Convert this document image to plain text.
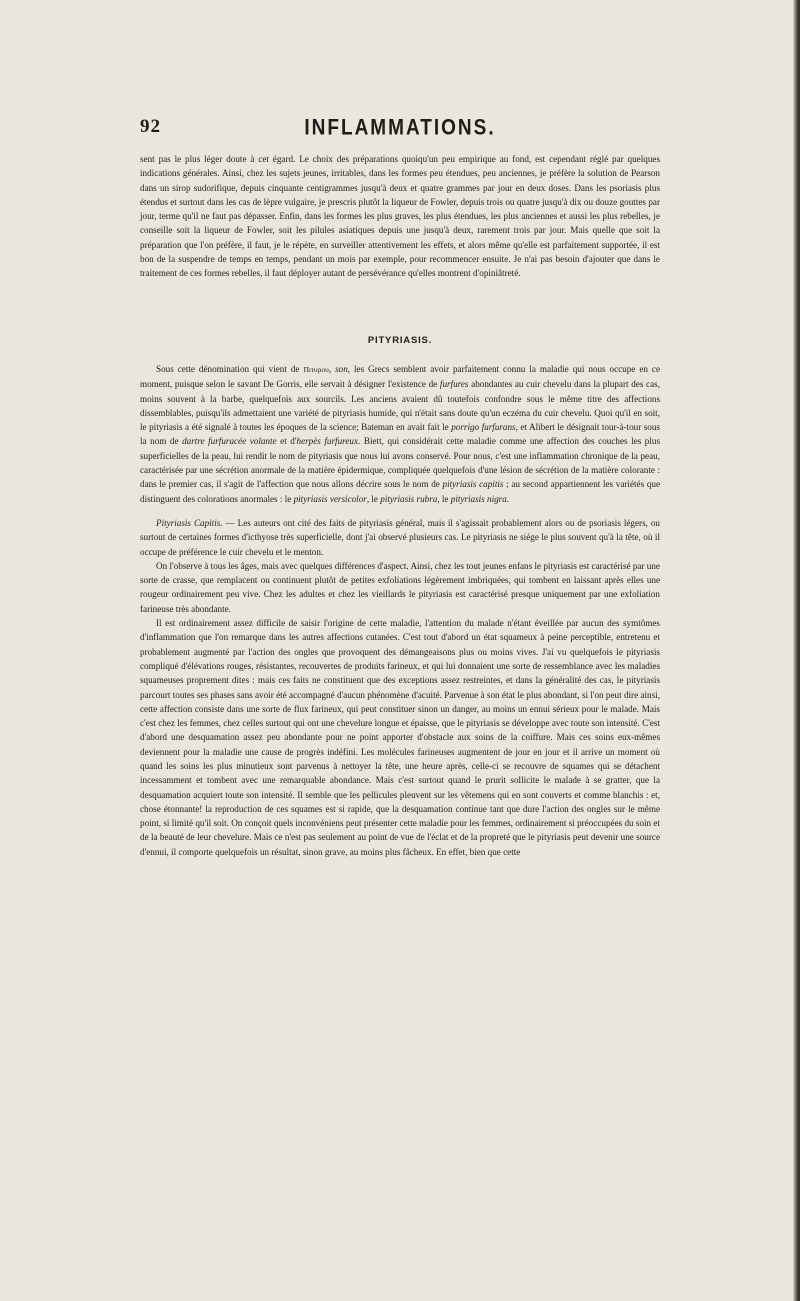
92	INFLAMMATIONS.

sent pas le plus léger doute à cet égard. Le choix des préparations quoiqu'un peu empirique au fond, est cependant réglé par quelques indications générales. Ainsi, chez les sujets jeunes, irritables, dans les formes peu étendues, peu anciennes, je préfère la solution de Pearson dans un sirop sudorifique, depuis cinquante centigrammes jusqu'à deux et quatre grammes par jour en deux doses. Dans les psoriasis plus étendus et surtout dans les cas de lèpre vulgaire, je prescris plutôt la liqueur de Fowler, depuis trois ou quatre jusqu'à dix ou douze gouttes par jour, terme qu'il ne faut pas dépasser. Enfin, dans les formes les plus graves, les plus étendues, les plus anciennes et aussi les plus rebelles, je conseille soit la liqueur de Fowler, soit les pilules asiatiques depuis une jusqu'à deux, rarement trois par jour. Mais quelle que soit la préparation que l'on préfère, il faut, je le répète, en surveiller attentivement les effets, et alors même qu'elle est parfaitement supportée, il est bon de la suspendre de temps en temps, pendant un mois par exemple, pour recommencer ensuite. Je n'ai pas besoin d'ajouter que dans le traitement de ces formes rebelles, il faut déployer autant de persévérance qu'elles montrent d'opiniâtreté.

PITYRIASIS.

Sous cette dénomination qui vient de Πιτυρου, son, les Grecs semblent avoir parfaitement connu la maladie qui nous occupe en ce moment, puisque selon le savant De Gorris, elle servait à désigner l'existence de furfures abondantes au cuir chevelu dans la plupart des cas, moins souvent à la barbe, quelquefois aux sourcils. Les anciens avaient dû toutefois confondre sous le même titre des affections dissemblables, puisqu'ils admettaient une variété de pityriasis humide, qui n'était sans doute qu'un eczéma du cuir chevelu. Quoi qu'il en soit, le pityriasis a été signalé à toutes les époques de la science; Bateman en avait fait le porrigo furfurans, et Alibert le désignait tour-à-tour sous la nom de dartre furfuracée volante et d'herpès furfureux. Biett, qui considérait cette maladie comme une affection des couches les plus superficielles de la peau, lui rendit le nom de pityriasis que nous lui avons conservé. Pour nous, c'est une inflammation chronique de la peau, caractérisée par une sécrétion anormale de la matière épidermique, compliquée quelquefois d'une lésion de sécrétion de la matière colorante : dans le premier cas, il s'agit de l'affection que nous allons décrire sous le nom de pityriasis capitis ; au second appartiennent les variétés que distinguent des colorations anormales : le pityriasis versicolor, le pityriasis rubra, le pityriasis nigra.

Pityriasis Capitis. — Les auteurs ont cité des faits de pityriasis général, mais il s'agissait probablement alors ou de psoriasis légers, ou surtout de certaines formes d'icthyose très superficielle, dont j'ai observé plusieurs cas. Le pityriasis ne siége le plus souvent qu'à la tête, où il occupe de préférence le cuir chevelu et le menton.

On l'observe à tous les âges, mais avec quelques différences d'aspect. Ainsi, chez les tout jeunes enfans le pityriasis est caractérisé par une sorte de crasse, que remplacent ou continuent plutôt de petites exfoliations légèrement imbriquées, qui tombent en laissant après elles une rougeur ordinairement peu vive. Chez les adultes et chez les vieillards le pityriasis est caractérisé presque uniquement par une exfoliation farineuse très abondante.

Il est ordinairement assez difficile de saisir l'origine de cette maladie, l'attention du malade n'étant éveillée par aucun des symtômes d'inflammation que l'on remarque dans les autres affections cutanées. C'est tout d'abord un état squameux à peine perceptible, entretenu et probablement augmenté par l'action des ongles que provoquent des démangeaisons plus ou moins vives. J'ai vu quelquefois le pityriasis compliqué d'élévations rouges, résistantes, recouvertes de produits farineux, et qui lui donnaient une sorte de ressemblance avec les maladies squameuses proprement dites : mais ces faits ne constituent que des exceptions assez restreintes, et dans la généralité des cas, le pityriasis parcourt toutes ses phases sans avoir été accompagné d'aucun phénomène d'acuité. Parvenue à son état le plus abondant, si l'on peut dire ainsi, cette affection consiste dans une sorte de flux farineux, qui peut constituer sinon un danger, au moins un ennui sérieux pour le malade. Mais c'est chez les femmes, chez celles surtout qui ont une chevelure longue et épaisse, que le pityriasis se développe avec toute son intensité. C'est d'abord une desquamation assez peu abondante pour ne point apporter d'obstacle aux soins de la coiffure. Mais ces soins eux-mêmes deviennent pour la maladie une cause de progrès indéfini. Les molécules farineuses augmentent de jour en jour et il arrive un moment où quand les soins les plus minutieux sont parvenus à nettoyer la tête, une heure après, celle-ci se recouvre de squames qui se détachent incessamment et tombent avec une remarquable abondance. Mais c'est surtout quand le prurit sollicite le malade à se gratter, que la desquamation acquiert toute son intensité. Il semble que les pellicules pleuvent sur les vêtemens qui en sont couverts et comme blanchis : et, chose étonnante! la reproduction de ces squames est si rapide, que la desquamation continue tant que dure l'action des ongles sur le même point, si limité qu'il soit. On conçoit quels inconvéniens peut présenter cette maladie pour les femmes, ordinairement si préoccupées du soin et de la beauté de leur chevelure. Mais ce n'est pas seulement au point de vue de l'éclat et de la propreté que le pityriasis peut devenir une source d'ennui, il comporte quelquefois un résultat, sinon grave, au moins plus fâcheux. En effet, bien que cette
